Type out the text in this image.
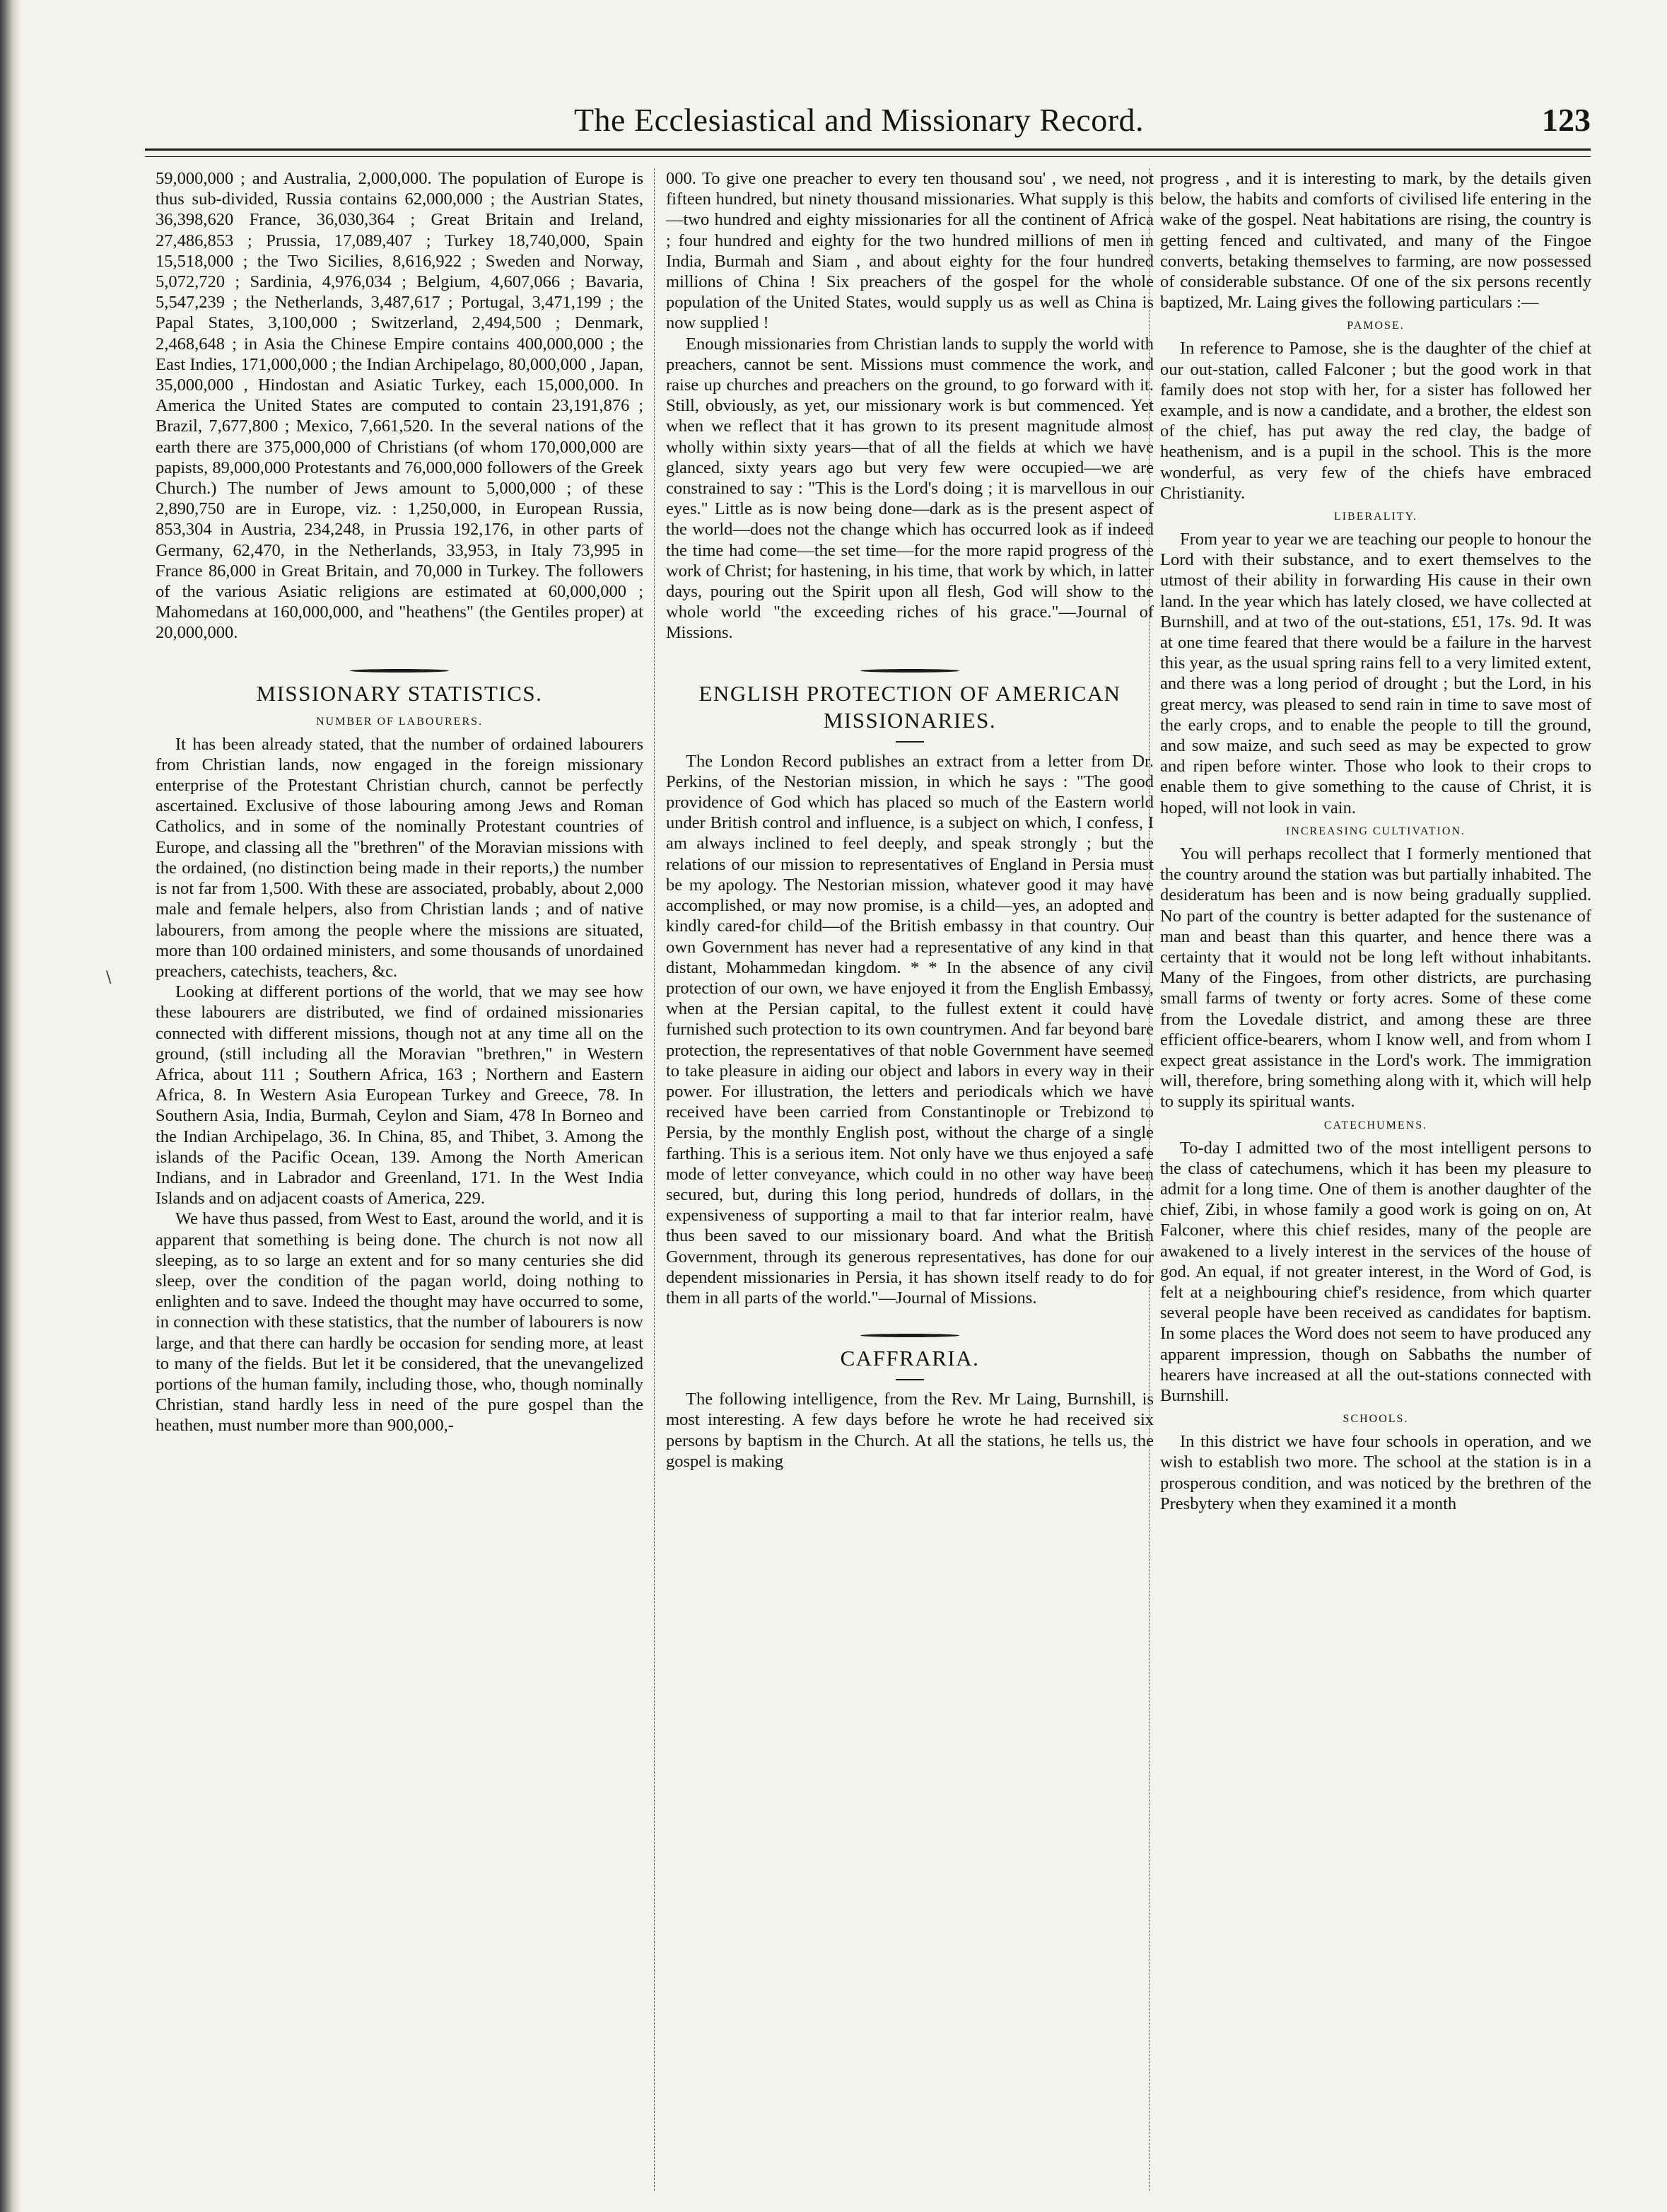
\
The Ecclesiastical and Missionary Record.	123

59,000,000 ; and Australia, 2,000,000. The population of Europe is thus sub-divided, Russia contains 62,000,000 ; the Austrian States, 36,398,620 France, 36,030,364 ; Great Britain and Ireland, 27,486,853 ; Prussia, 17,089,407 ; Turkey 18,740,000, Spain 15,518,000 ; the Two Sicilies, 8,616,922 ; Sweden and Norway, 5,072,720 ; Sardinia, 4,976,034 ; Belgium, 4,607,066 ; Bavaria, 5,547,239 ; the Netherlands, 3,487,617 ; Portugal, 3,471,199 ; the Papal States, 3,100,000 ; Switzerland, 2,494,500 ; Denmark, 2,468,648 ; in Asia the Chinese Empire contains 400,000,000 ; the East Indies, 171,000,000 ; the Indian Archipelago, 80,000,000 , Japan, 35,000,000 , Hindostan and Asiatic Turkey, each 15,000,000. In America the United States are computed to contain 23,191,876 ; Brazil, 7,677,800 ; Mexico, 7,661,520. In the several nations of the earth there are 375,000,000 of Christians (of whom 170,000,000 are papists, 89,000,000 Protestants and 76,000,000 followers of the Greek Church.) The number of Jews amount to 5,000,000 ; of these 2,890,750 are in Europe, viz. : 1,250,000, in European Russia, 853,304 in Austria, 234,248, in Prussia 192,176, in other parts of Germany, 62,470, in the Netherlands, 33,953, in Italy 73,995 in France 86,000 in Great Britain, and 70,000 in Turkey. The followers of the various Asiatic religions are estimated at 60,000,000 ; Mahomedans at 160,000,000, and "heathens" (the Gentiles proper) at 20,000,000.

MISSIONARY STATISTICS.
NUMBER OF LABOURERS.

It has been already stated, that the number of ordained labourers from Christian lands, now engaged in the foreign missionary enterprise of the Protestant Christian church, cannot be perfectly ascertained. Exclusive of those labouring among Jews and Roman Catholics, and in some of the nominally Protestant countries of Europe, and classing all the "brethren" of the Moravian missions with the ordained, (no distinction being made in their reports,) the number is not far from 1,500. With these are associated, probably, about 2,000 male and female helpers, also from Christian lands ; and of native labourers, from among the people where the missions are situated, more than 100 ordained ministers, and some thousands of unordained preachers, catechists, teachers, &c.

Looking at different portions of the world, that we may see how these labourers are distributed, we find of ordained missionaries connected with different missions, though not at any time all on the ground, (still including all the Moravian "brethren," in Western Africa, about 111 ; Southern Africa, 163 ; Northern and Eastern Africa, 8. In Western Asia European Turkey and Greece, 78. In Southern Asia, India, Burmah, Ceylon and Siam, 478 In Borneo and the Indian Archipelago, 36. In China, 85, and Thibet, 3. Among the islands of the Pacific Ocean, 139. Among the North American Indians, and in Labrador and Greenland, 171. In the West India Islands and on adjacent coasts of America, 229.

We have thus passed, from West to East, around the world, and it is apparent that something is being done. The church is not now all sleeping, as to so large an extent and for so many centuries she did sleep, over the condition of the pagan world, doing nothing to enlighten and to save. Indeed the thought may have occurred to some, in connection with these statistics, that the number of labourers is now large, and that there can hardly be occasion for sending more, at least to many of the fields. But let it be considered, that the unevangelized portions of the human family, including those, who, though nominally Christian, stand hardly less in need of the pure gospel than the heathen, must number more than 900,000,-

000. To give one preacher to every ten thousand sou' , we need, not fifteen hundred, but ninety thousand missionaries. What supply is this—two hundred and eighty missionaries for all the continent of Africa ; four hundred and eighty for the two hundred millions of men in India, Burmah and Siam , and about eighty for the four hundred millions of China ! Six preachers of the gospel for the whole population of the United States, would supply us as well as China is now supplied !

Enough missionaries from Christian lands to supply the world with preachers, cannot be sent. Missions must commence the work, and raise up churches and preachers on the ground, to go forward with it. Still, obviously, as yet, our missionary work is but commenced. Yet when we reflect that it has grown to its present magnitude almost wholly within sixty years—that of all the fields at which we have glanced, sixty years ago but very few were occupied—we are constrained to say : "This is the Lord's doing ; it is marvellous in our eyes." Little as is now being done—dark as is the present aspect of the world—does not the change which has occurred look as if indeed the time had come—the set time—for the more rapid progress of the work of Christ; for hastening, in his time, that work by which, in latter days, pouring out the Spirit upon all flesh, God will show to the whole world "the exceeding riches of his grace."—Journal of Missions.

ENGLISH PROTECTION OF AMERICAN MISSIONARIES.

The London Record publishes an extract from a letter from Dr. Perkins, of the Nestorian mission, in which he says : "The good providence of God which has placed so much of the Eastern world under British control and influence, is a subject on which, I confess, I am always inclined to feel deeply, and speak strongly ; but the relations of our mission to representatives of England in Persia must be my apology. The Nestorian mission, whatever good it may have accomplished, or may now promise, is a child—yes, an adopted and kindly cared-for child—of the British embassy in that country. Our own Government has never had a representative of any kind in that distant, Mohammedan kingdom. * * In the absence of any civil protection of our own, we have enjoyed it from the English Embassy, when at the Persian capital, to the fullest extent it could have furnished such protection to its own countrymen. And far beyond bare protection, the representatives of that noble Government have seemed to take pleasure in aiding our object and labors in every way in their power. For illustration, the letters and periodicals which we have received have been carried from Constantinople or Trebizond to Persia, by the monthly English post, without the charge of a single farthing. This is a serious item. Not only have we thus enjoyed a safe mode of letter conveyance, which could in no other way have been secured, but, during this long period, hundreds of dollars, in the expensiveness of supporting a mail to that far interior realm, have thus been saved to our missionary board. And what the British Government, through its generous representatives, has done for our dependent missionaries in Persia, it has shown itself ready to do for them in all parts of the world."—Journal of Missions.

CAFFRARIA.

The following intelligence, from the Rev. Mr Laing, Burnshill, is most interesting. A few days before he wrote he had received six persons by baptism in the Church. At all the stations, he tells us, the gospel is making

progress , and it is interesting to mark, by the details given below, the habits and comforts of civilised life entering in the wake of the gospel. Neat habitations are rising, the country is getting fenced and cultivated, and many of the Fingoe converts, betaking themselves to farming, are now possessed of considerable substance. Of one of the six persons recently baptized, Mr. Laing gives the following particulars :—

PAMOSE.

In reference to Pamose, she is the daughter of the chief at our out-station, called Falconer ; but the good work in that family does not stop with her, for a sister has followed her example, and is now a candidate, and a brother, the eldest son of the chief, has put away the red clay, the badge of heathenism, and is a pupil in the school. This is the more wonderful, as very few of the chiefs have embraced Christianity.

LIBERALITY.

From year to year we are teaching our people to honour the Lord with their substance, and to exert themselves to the utmost of their ability in forwarding His cause in their own land. In the year which has lately closed, we have collected at Burnshill, and at two of the out-stations, £51, 17s. 9d. It was at one time feared that there would be a failure in the harvest this year, as the usual spring rains fell to a very limited extent, and there was a long period of drought ; but the Lord, in his great mercy, was pleased to send rain in time to save most of the early crops, and to enable the people to till the ground, and sow maize, and such seed as may be expected to grow and ripen before winter. Those who look to their crops to enable them to give something to the cause of Christ, it is hoped, will not look in vain.

INCREASING CULTIVATION.

You will perhaps recollect that I formerly mentioned that the country around the station was but partially inhabited. The desideratum has been and is now being gradually supplied. No part of the country is better adapted for the sustenance of man and beast than this quarter, and hence there was a certainty that it would not be long left without inhabitants. Many of the Fingoes, from other districts, are purchasing small farms of twenty or forty acres. Some of these come from the Lovedale district, and among these are three efficient office-bearers, whom I know well, and from whom I expect great assistance in the Lord's work. The immigration will, therefore, bring something along with it, which will help to supply its spiritual wants.

CATECHUMENS.

To-day I admitted two of the most intelligent persons to the class of catechumens, which it has been my pleasure to admit for a long time. One of them is another daughter of the chief, Zibi, in whose family a good work is going on on, At Falconer, where this chief resides, many of the people are awakened to a lively interest in the services of the house of god. An equal, if not greater interest, in the Word of God, is felt at a neighbouring chief's residence, from which quarter several people have been received as candidates for baptism. In some places the Word does not seem to have produced any apparent impression, though on Sabbaths the number of hearers have increased at all the out-stations connected with Burnshill.

SCHOOLS.

In this district we have four schools in operation, and we wish to establish two more. The school at the station is in a prosperous condition, and was noticed by the brethren of the Presbytery when they examined it a month
